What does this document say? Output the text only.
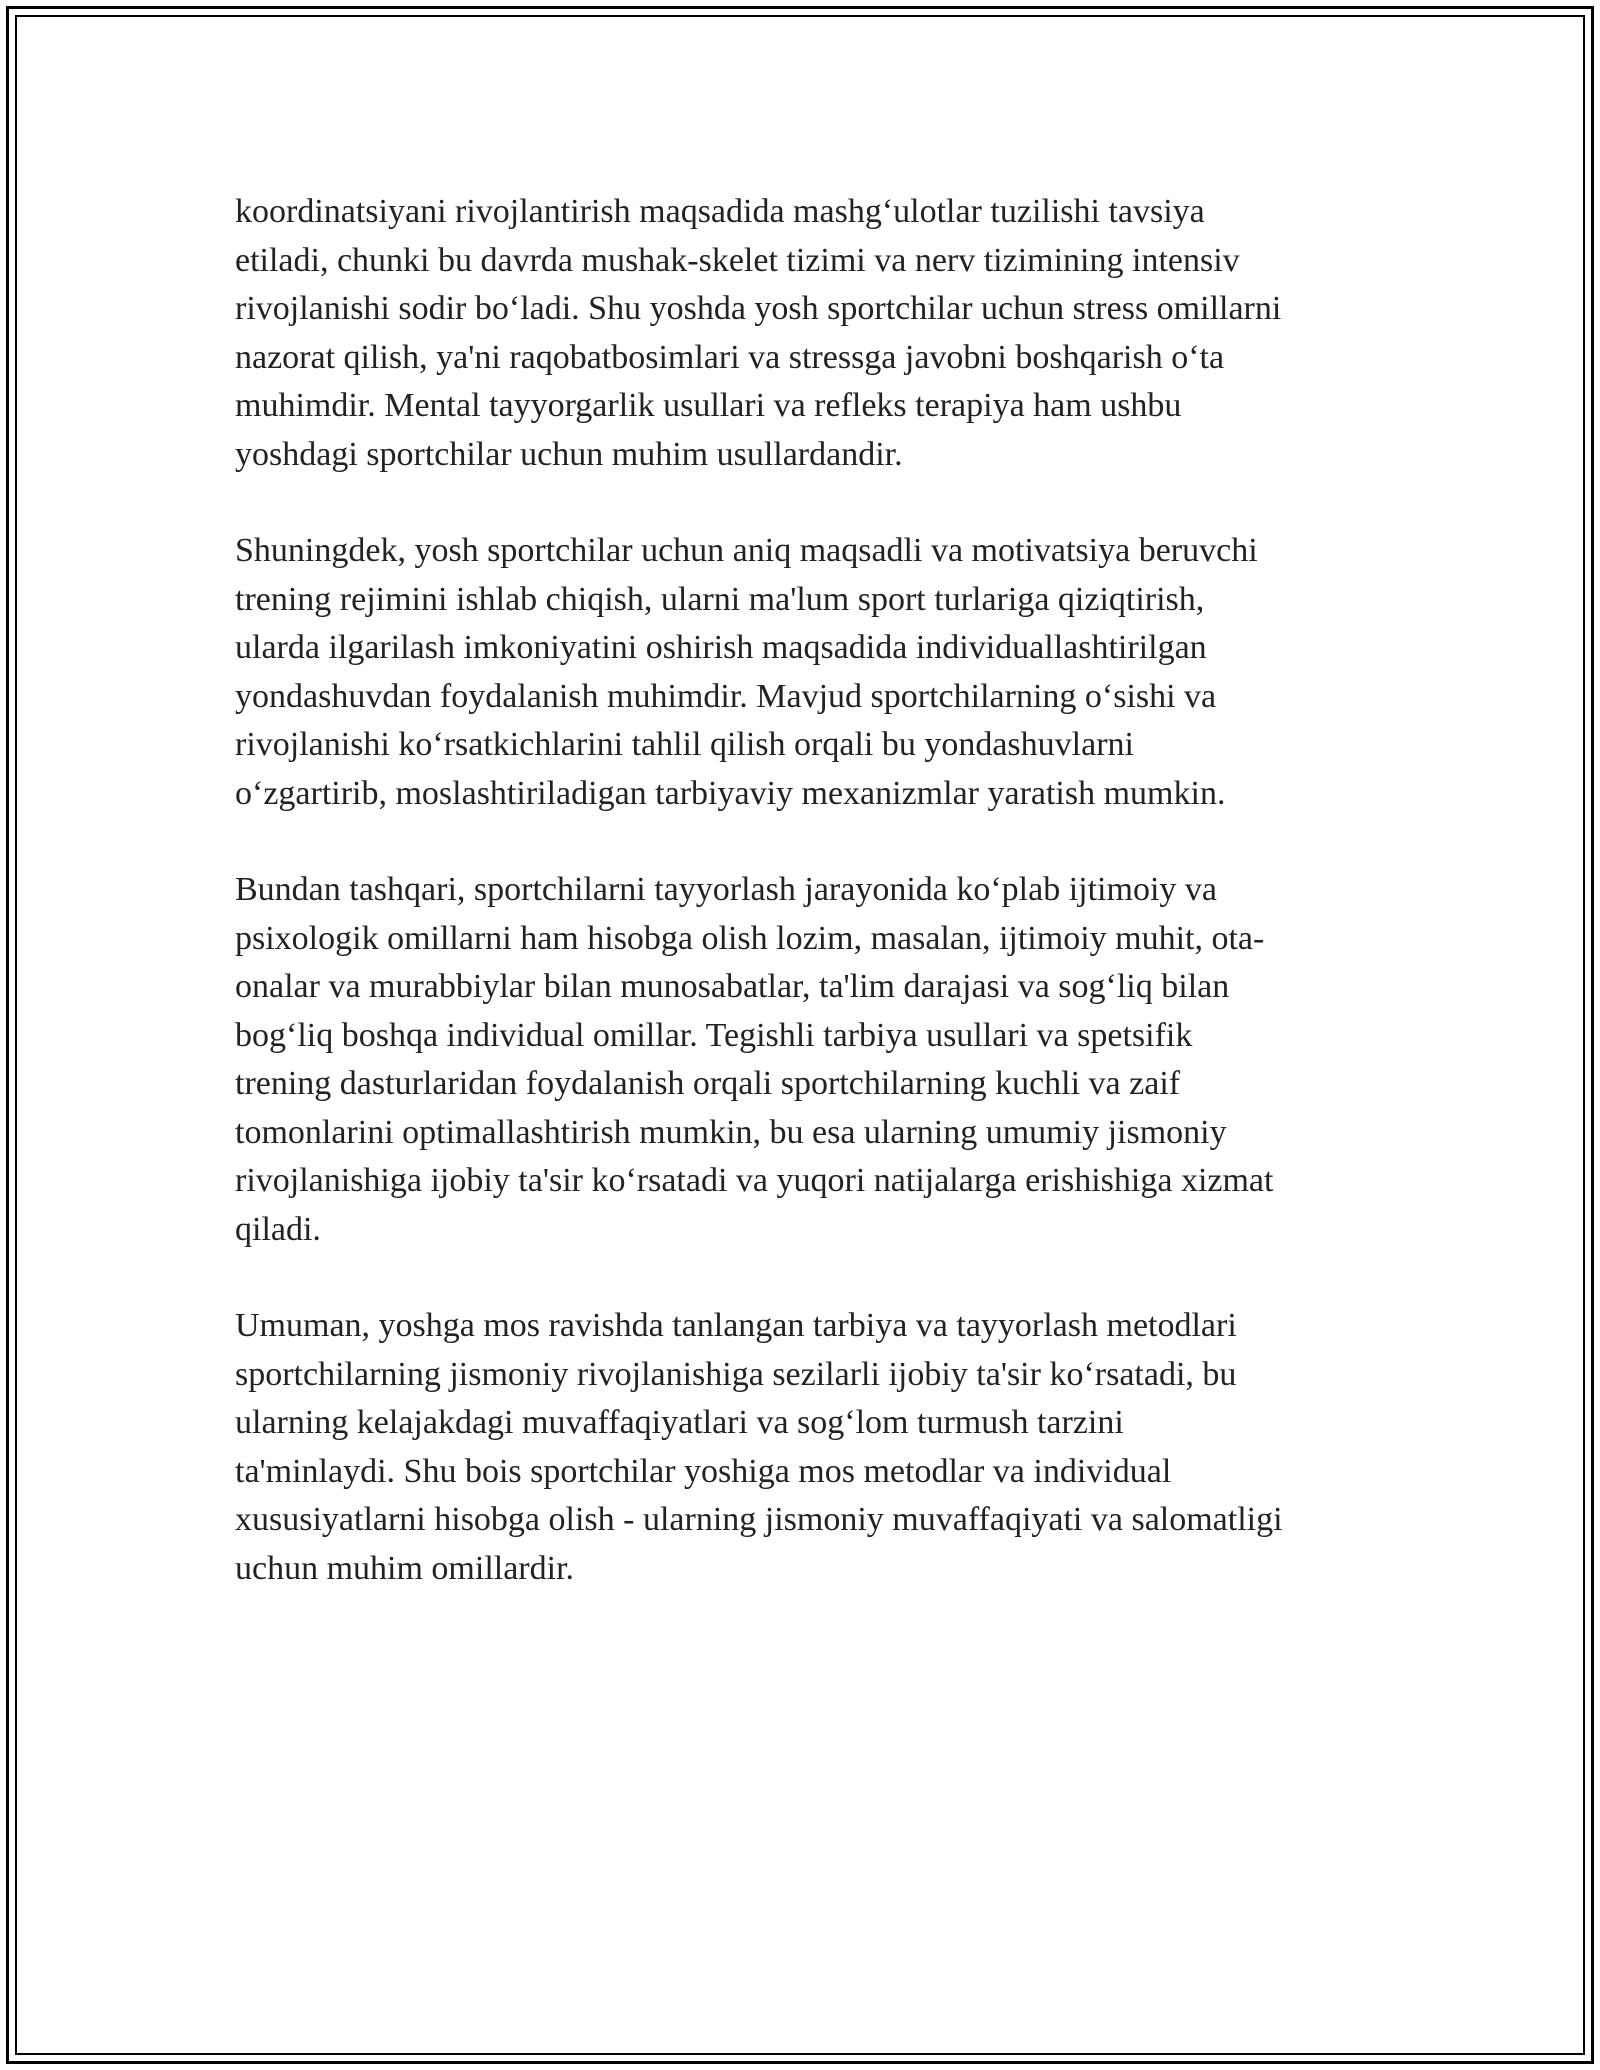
koordinatsiyani rivojlantirish maqsadida mashg‘ulotlar tuzilishi tavsiya
etiladi, chunki bu davrda mushak-skelet tizimi va nerv tizimining intensiv
rivojlanishi sodir bo‘ladi. Shu yoshda yosh sportchilar uchun stress omillarni
nazorat qilish, ya'ni raqobatbosimlari va stressga javobni boshqarish o‘ta
muhimdir. Mental tayyorgarlik usullari va refleks terapiya ham ushbu
yoshdagi sportchilar uchun muhim usullardandir.

Shuningdek, yosh sportchilar uchun aniq maqsadli va motivatsiya beruvchi
trening rejimini ishlab chiqish, ularni ma'lum sport turlariga qiziqtirish,
ularda ilgarilash imkoniyatini oshirish maqsadida individuallashtirilgan
yondashuvdan foydalanish muhimdir. Mavjud sportchilarning o‘sishi va
rivojlanishi ko‘rsatkichlarini tahlil qilish orqali bu yondashuvlarni
o‘zgartirib, moslashtiriladigan tarbiyaviy mexanizmlar yaratish mumkin.

Bundan tashqari, sportchilarni tayyorlash jarayonida ko‘plab ijtimoiy va
psixologik omillarni ham hisobga olish lozim, masalan, ijtimoiy muhit, ota-
onalar va murabbiylar bilan munosabatlar, ta'lim darajasi va sog‘liq bilan
bog‘liq boshqa individual omillar. Tegishli tarbiya usullari va spetsifik
trening dasturlaridan foydalanish orqali sportchilarning kuchli va zaif
tomonlarini optimallashtirish mumkin, bu esa ularning umumiy jismoniy
rivojlanishiga ijobiy ta'sir ko‘rsatadi va yuqori natijalarga erishishiga xizmat
qiladi.

Umuman, yoshga mos ravishda tanlangan tarbiya va tayyorlash metodlari
sportchilarning jismoniy rivojlanishiga sezilarli ijobiy ta'sir ko‘rsatadi, bu
ularning kelajakdagi muvaffaqiyatlari va sog‘lom turmush tarzini
ta'minlaydi. Shu bois sportchilar yoshiga mos metodlar va individual
xususiyatlarni hisobga olish - ularning jismoniy muvaffaqiyati va salomatligi
uchun muhim omillardir.
